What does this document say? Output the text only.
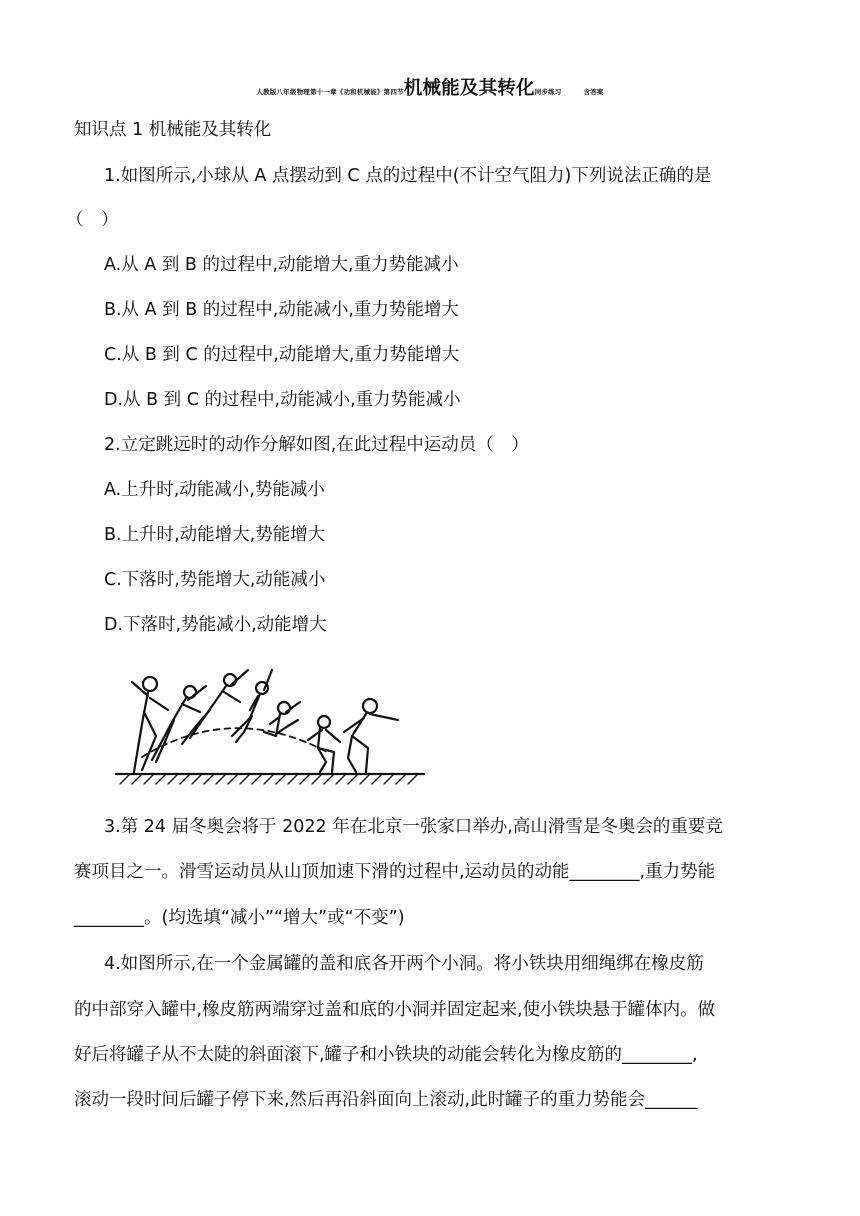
人教版八年级物理第十一章《功和机械能》第四节机械能及其转化同步练习	含答案
知识点 1 机械能及其转化
1.如图所示,小球从 A 点摆动到 C 点的过程中(不计空气阻力)下列说法正确的是
（　）
A.从 A 到 B 的过程中,动能增大,重力势能减小
B.从 A 到 B 的过程中,动能减小,重力势能增大
C.从 B 到 C 的过程中,动能增大,重力势能增大
D.从 B 到 C 的过程中,动能减小,重力势能减小
2.立定跳远时的动作分解如图,在此过程中运动员（　）
A.上升时,动能减小,势能减小
B.上升时,动能增大,势能增大
C.下落时,势能增大,动能减小
D.下落时,势能减小,动能增大
3.第 24 届冬奥会将于 2022 年在北京一张家口举办,高山滑雪是冬奥会的重要竞
赛项目之一。滑雪运动员从山顶加速下滑的过程中,运动员的动能________,重力势能
________。(均选填“减小”“增大”或“不变”)
4.如图所示,在一个金属罐的盖和底各开两个小洞。将小铁块用细绳绑在橡皮筋
的中部穿入罐中,橡皮筋两端穿过盖和底的小洞并固定起来,使小铁块悬于罐体内。做
好后将罐子从不太陡的斜面滚下,罐子和小铁块的动能会转化为橡皮筋的________,
滚动一段时间后罐子停下来,然后再沿斜面向上滚动,此时罐子的重力势能会______
